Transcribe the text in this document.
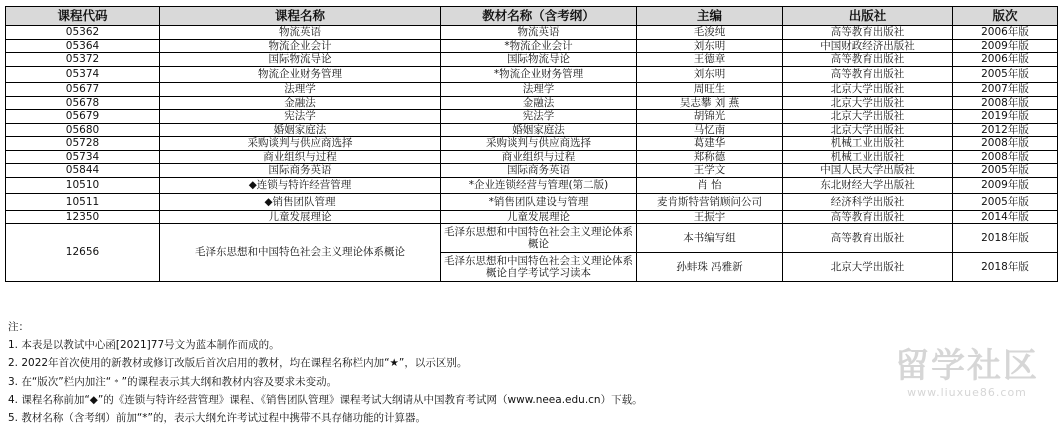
课程代码	课程名称	教材名称（含考纲）	主编	出版社	版次
05362	物流英语	物流英语	毛浚纯	高等教育出版社	2006年版
05364	物流企业会计	*物流企业会计	刘东明	中国财政经济出版社	2009年版
05372	国际物流导论	国际物流导论	王德章	高等教育出版社	2006年版
05374	物流企业财务管理	*物流企业财务管理	刘东明	高等教育出版社	2005年版
05677	法理学	法理学	周旺生	北京大学出版社	2007年版
05678	金融法	金融法	吴志攀 刘 燕	北京大学出版社	2008年版
05679	宪法学	宪法学	胡锦光	北京大学出版社	2019年版
05680	婚姻家庭法	婚姻家庭法	马忆南	北京大学出版社	2012年版
05728	采购谈判与供应商选择	采购谈判与供应商选择	葛建华	机械工业出版社	2008年版
05734	商业组织与过程	商业组织与过程	郑称德	机械工业出版社	2008年版
05844	国际商务英语	国际商务英语	王学文	中国人民大学出版社	2005年版
10510	◆连锁与特许经营管理	*企业连锁经营与管理(第二版)	肖 怡	东北财经大学出版社	2009年版
10511	◆销售团队管理	*销售团队建设与管理	麦肯斯特营销顾问公司	经济科学出版社	2005年版
12350	儿童发展理论	儿童发展理论	王振宇	高等教育出版社	2014年版
12656	毛泽东思想和中国特色社会主义理论体系概论	毛泽东思想和中国特色社会主义理论体系概论	本书编写组	高等教育出版社	2018年版
		毛泽东思想和中国特色社会主义理论体系概论自学考试学习读本	孙蚌珠 冯雅新	北京大学出版社	2018年版
注：
1. 本表是以教试中心函[2021]77号文为蓝本制作而成的。
2. 2022年首次使用的新教材或修订改版后首次启用的教材，均在课程名称栏内加“★”，以示区别。
3. 在“版次”栏内加注“﹡”的课程表示其大纲和教材内容及要求未变动。
4. 课程名称前加“◆”的《连锁与特许经营管理》课程、《销售团队管理》课程考试大纲请从中国教育考试网（www.neea.edu.cn）下载。
5. 教材名称（含考纲）前加“*”的，表示大纲允许考试过程中携带不具存储功能的计算器。
留学社区
www.liuxue86.com
